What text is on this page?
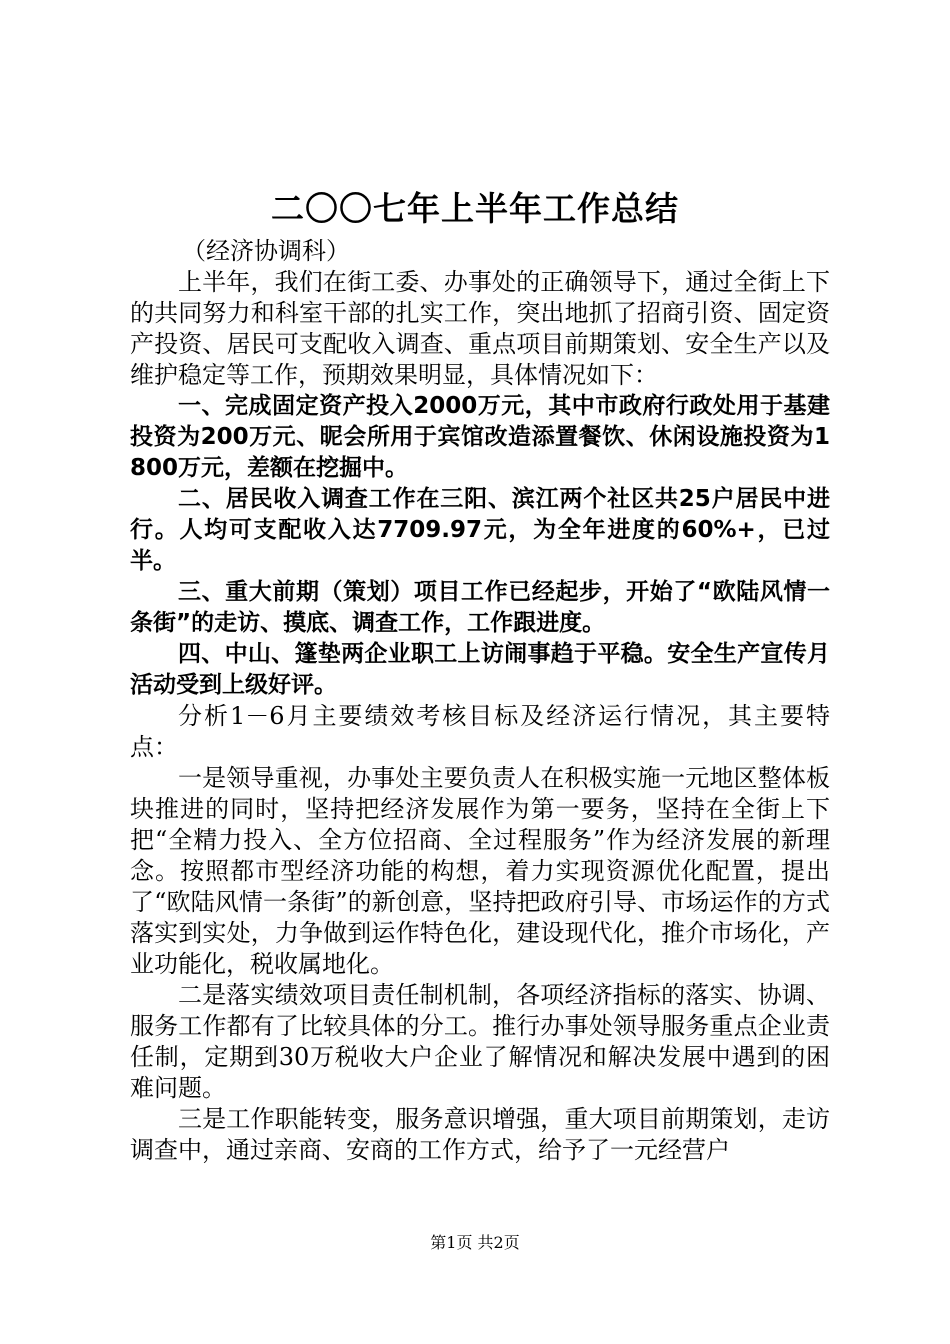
二〇〇七年上半年工作总结

（经济协调科）

上半年，我们在街工委、办事处的正确领导下，通过全街上下的共同努力和科室干部的扎实工作，突出地抓了招商引资、固定资产投资、居民可支配收入调查、重点项目前期策划、安全生产以及维护稳定等工作，预期效果明显，具体情况如下：

一、完成固定资产投入2000万元，其中市政府行政处用于基建投资为200万元、昵会所用于宾馆改造添置餐饮、休闲设施投资为1800万元，差额在挖掘中。

二、居民收入调查工作在三阳、滨江两个社区共25户居民中进行。人均可支配收入达7709.97元，为全年进度的60%+，已过半。

三、重大前期（策划）项目工作已经起步，开始了“欧陆风情一条街”的走访、摸底、调查工作，工作跟进度。

四、中山、篷垫两企业职工上访闹事趋于平稳。安全生产宣传月活动受到上级好评。

分析1－6月主要绩效考核目标及经济运行情况，其主要特点：

一是领导重视，办事处主要负责人在积极实施一元地区整体板块推进的同时，坚持把经济发展作为第一要务，坚持在全街上下把“全精力投入、全方位招商、全过程服务”作为经济发展的新理念。按照都市型经济功能的构想，着力实现资源优化配置，提出了“欧陆风情一条街”的新创意，坚持把政府引导、市场运作的方式落实到实处，力争做到运作特色化，建设现代化，推介市场化，产业功能化，税收属地化。

二是落实绩效项目责任制机制，各项经济指标的落实、协调、服务工作都有了比较具体的分工。推行办事处领导服务重点企业责任制，定期到30万税收大户企业了解情况和解决发展中遇到的困难问题。

三是工作职能转变，服务意识增强，重大项目前期策划，走访调查中，通过亲商、安商的工作方式，给予了一元经营户

第1页 共2页
